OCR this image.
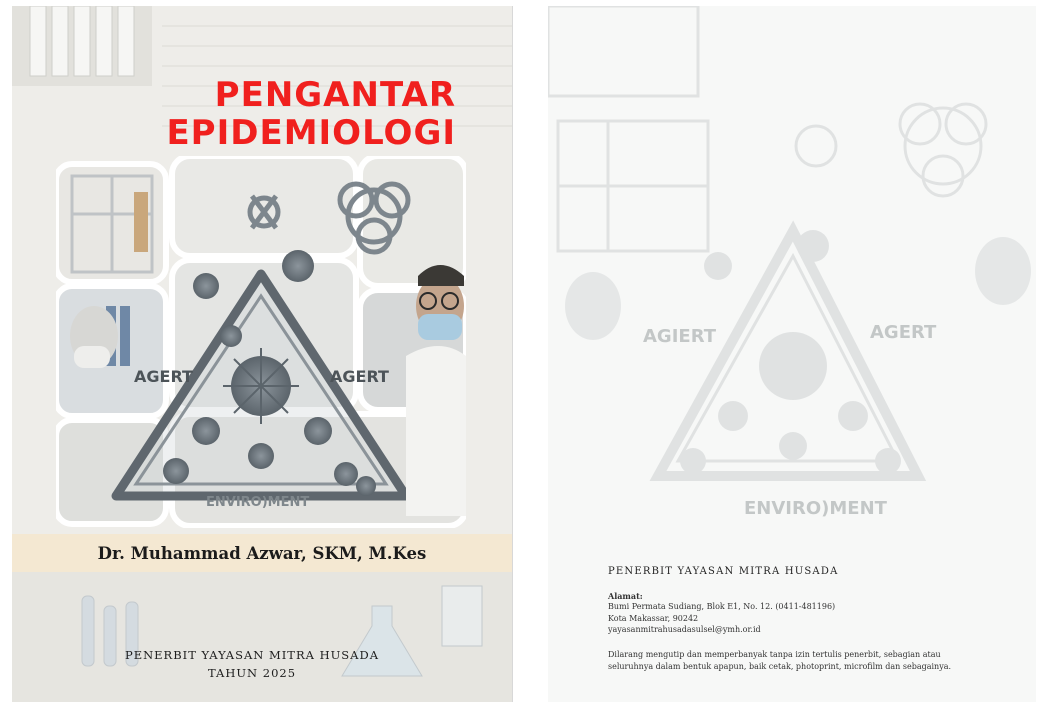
PENGANTAR
EPIDEMIOLOGI
AGERT	AGERT
ENVIRO)MENT
Dr. Muhammad Azwar, SKM, M.Kes
PENERBIT YAYASAN MITRA HUSADA
TAHUN 2025
AGIERT	AGERT
ENVIRO)MENT
PENERBIT YAYASAN MITRA HUSADA
Alamat:
Bumi Permata Sudiang, Blok E1, No. 12. (0411-481196)
Kota Makassar, 90242
yayasanmitrahusadasulsel@ymh.or.id
Dilarang mengutip dan memperbanyak tanpa izin tertulis penerbit, sebagian atau seluruhnya dalam bentuk apapun, baik cetak, photoprint, microfilm dan sebagainya.
